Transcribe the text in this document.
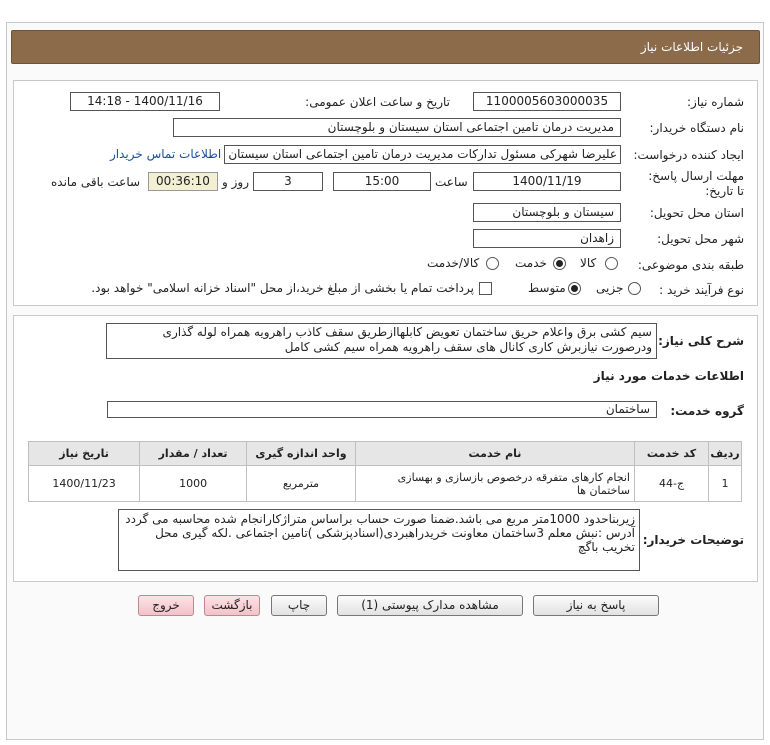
جزئیات اطلاعات نیاز
شماره نیاز:
1100005603000035
تاریخ و ساعت اعلان عمومی:
1400/11/16 - 14:18
نام دستگاه خریدار:
مدیریت درمان تامین اجتماعی استان سیستان و بلوچستان
ایجاد کننده درخواست:
علیرضا شهرکی مسئول تداركات مدیریت درمان تامین اجتماعی استان سیستان
اطلاعات تماس خریدار
مهلت ارسال پاسخ: تا تاریخ:
1400/11/19
ساعت
15:00
3
روز و
00:36:10
ساعت باقی مانده
استان محل تحویل:
سیستان و بلوچستان
شهر محل تحویل:
زاهدان
طبقه بندی موضوعی:
کالا
خدمت
کالا/خدمت
نوع فرآیند خرید :
جزیی
متوسط
پرداخت تمام یا بخشی از مبلغ خرید،از محل "اسناد خزانه اسلامی" خواهد بود.
شرح کلی نیاز:
سیم کشی برق واعلام حریق ساختمان تعویض کابلهاازطریق سقف کاذب راهرویه همراه لوله گذاری ودرصورت نیازبرش کاری کانال های سقف راهرویه همراه سیم کشی کامل
اطلاعات خدمات مورد نیاز
گروه خدمت:
ساختمان
ردیف	کد خدمت	نام خدمت	واحد اندازه گیری	تعداد / مقدار	تاریخ نیاز
1	ج-44	انجام کارهای متفرقه درخصوص بازسازی و بهسازی ساختمان ها	مترمربع	1000	1400/11/23
توضیحات خریدار:
زیربناحدود 1000متر مربع می باشد.ضمنا صورت حساب براساس متراژکارانجام شده محاسبه می گردد آدرس :نبش معلم 3ساختمان معاونت خریدراهبردی(اسنادپزشکی )تامین اجتماعی .لکه گیری محل تخریب باگچ
پاسخ به نیاز
مشاهده مدارک پیوستی (1)
چاپ
بازگشت
خروج
